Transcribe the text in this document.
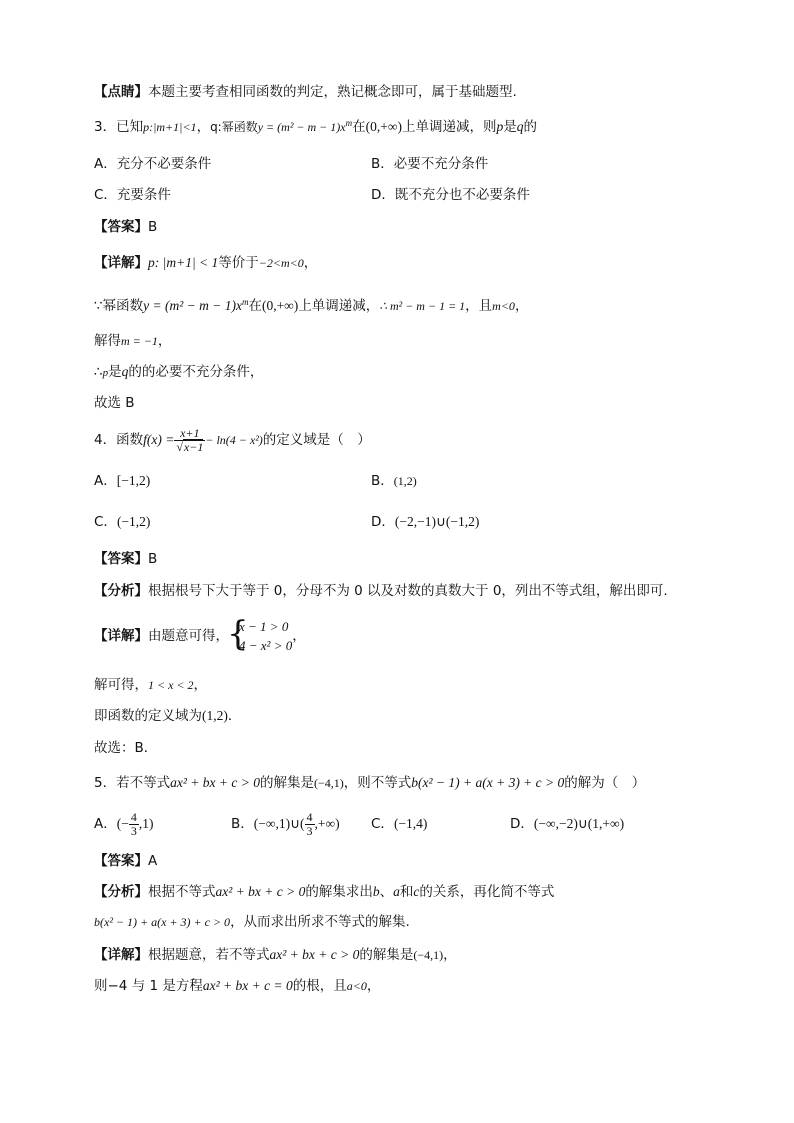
【点睛】本题主要考查相同函数的判定，熟记概念即可，属于基础题型.
3．已知p:|m+1|<1，q:幂函数$y = (m^2 - m - 1)x^m$在(0,+∞)上单调递减，则p是q的
A．充分不必要条件	B．必要不充分条件
C．充要条件	D．既不充分也不必要条件
【答案】B
【详解】p: |m+1| < 1等价于−2<m<0，
∵幂函数$y = (m^2 - m - 1)x^m$在(0,+∞)上单调递减，∴ m² − m − 1 = 1，且m<0，
解得m = −1，
∴p是q的的必要不充分条件，
故选 B
4．函数$f(x) = \frac{x+1}{√x-1} - \ln(4 - x^2)$的定义域是（　）
A．[−1,2)	B．(1,2)
C．(−1,2)	D．(−2,−1)∪(−1,2)
【答案】B
【分析】根据根号下大于等于 0，分母不为 0 以及对数的真数大于 0，列出不等式组，解出即可.
【详解】由题意可得，
{
x − 1 > 0
4 − x² > 0
，
解可得，1 < x < 2，
即函数的定义域为(1,2)．
故选：B．
5．若不等式ax² + bx + c > 0的解集是(−4,1)，则不等式b(x² − 1) + a(x + 3) + c > 0的解为（　）
A．(− $\frac{4}{3} ,1$)	B．(−∞,1)∪( $\frac{4}{3}$ ,+∞) C．(−1,4)	D．(−∞,−2)∪(1,+∞)
【答案】A
【分析】根据不等式ax² + bx + c > 0的解集求出b、a和c的关系，再化简不等式
b(x² − 1) + a(x + 3) + c > 0，从而求出所求不等式的解集.
【详解】根据题意，若不等式ax² + bx + c > 0的解集是(−4,1)，
则−4 与 1 是方程ax² + bx + c = 0的根，且a<0，
